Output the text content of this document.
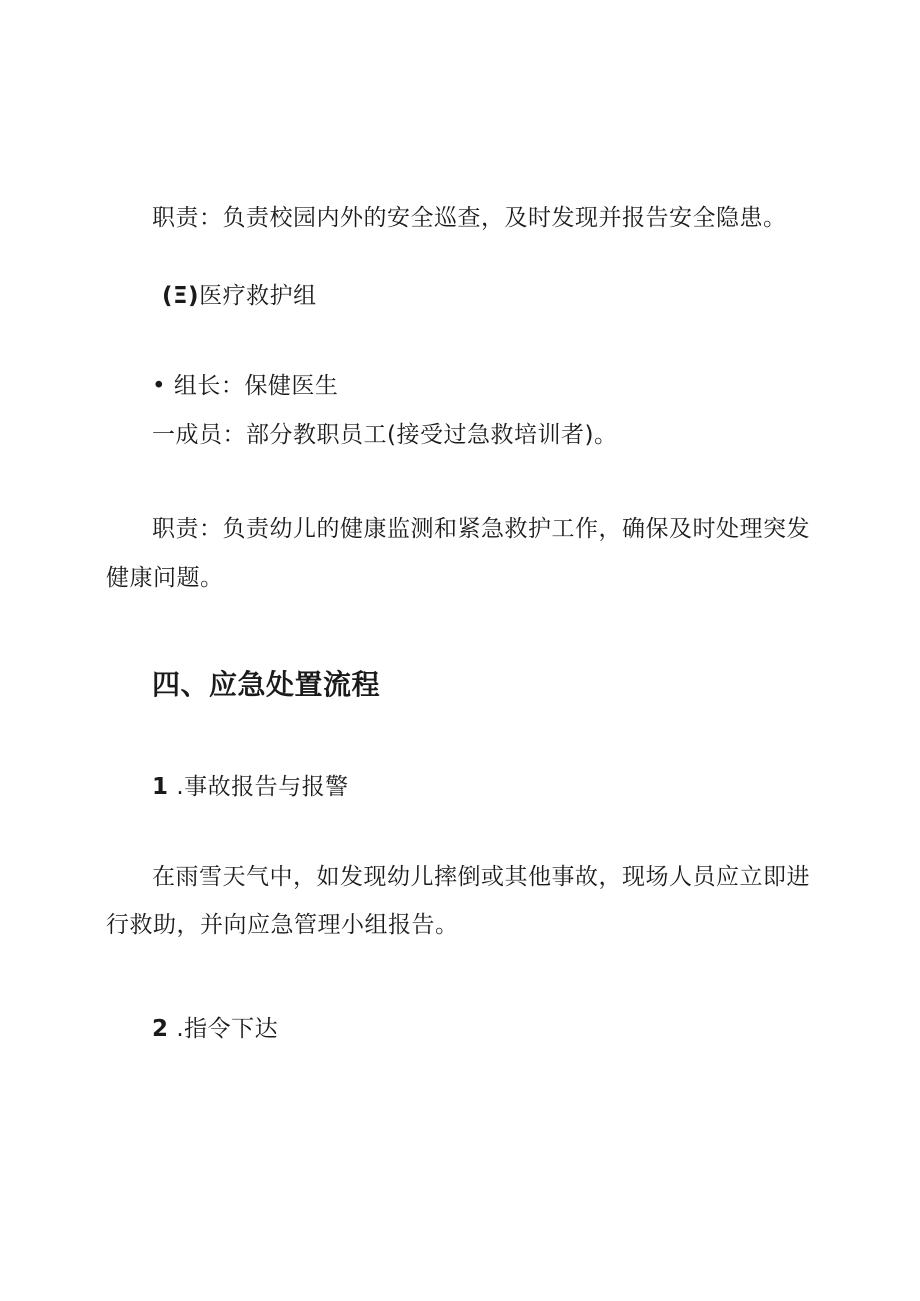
职责：负责校园内外的安全巡查，及时发现并报告安全隐患。
(Ξ)医疗救护组
• 组长：保健医生
一成员：部分教职员工(接受过急救培训者)。
职责：负责幼儿的健康监测和紧急救护工作，确保及时处理突发
健康问题。
四、应急处置流程
1 .事故报告与报警
在雨雪天气中，如发现幼儿摔倒或其他事故，现场人员应立即进
行救助，并向应急管理小组报告。
2 .指令下达
